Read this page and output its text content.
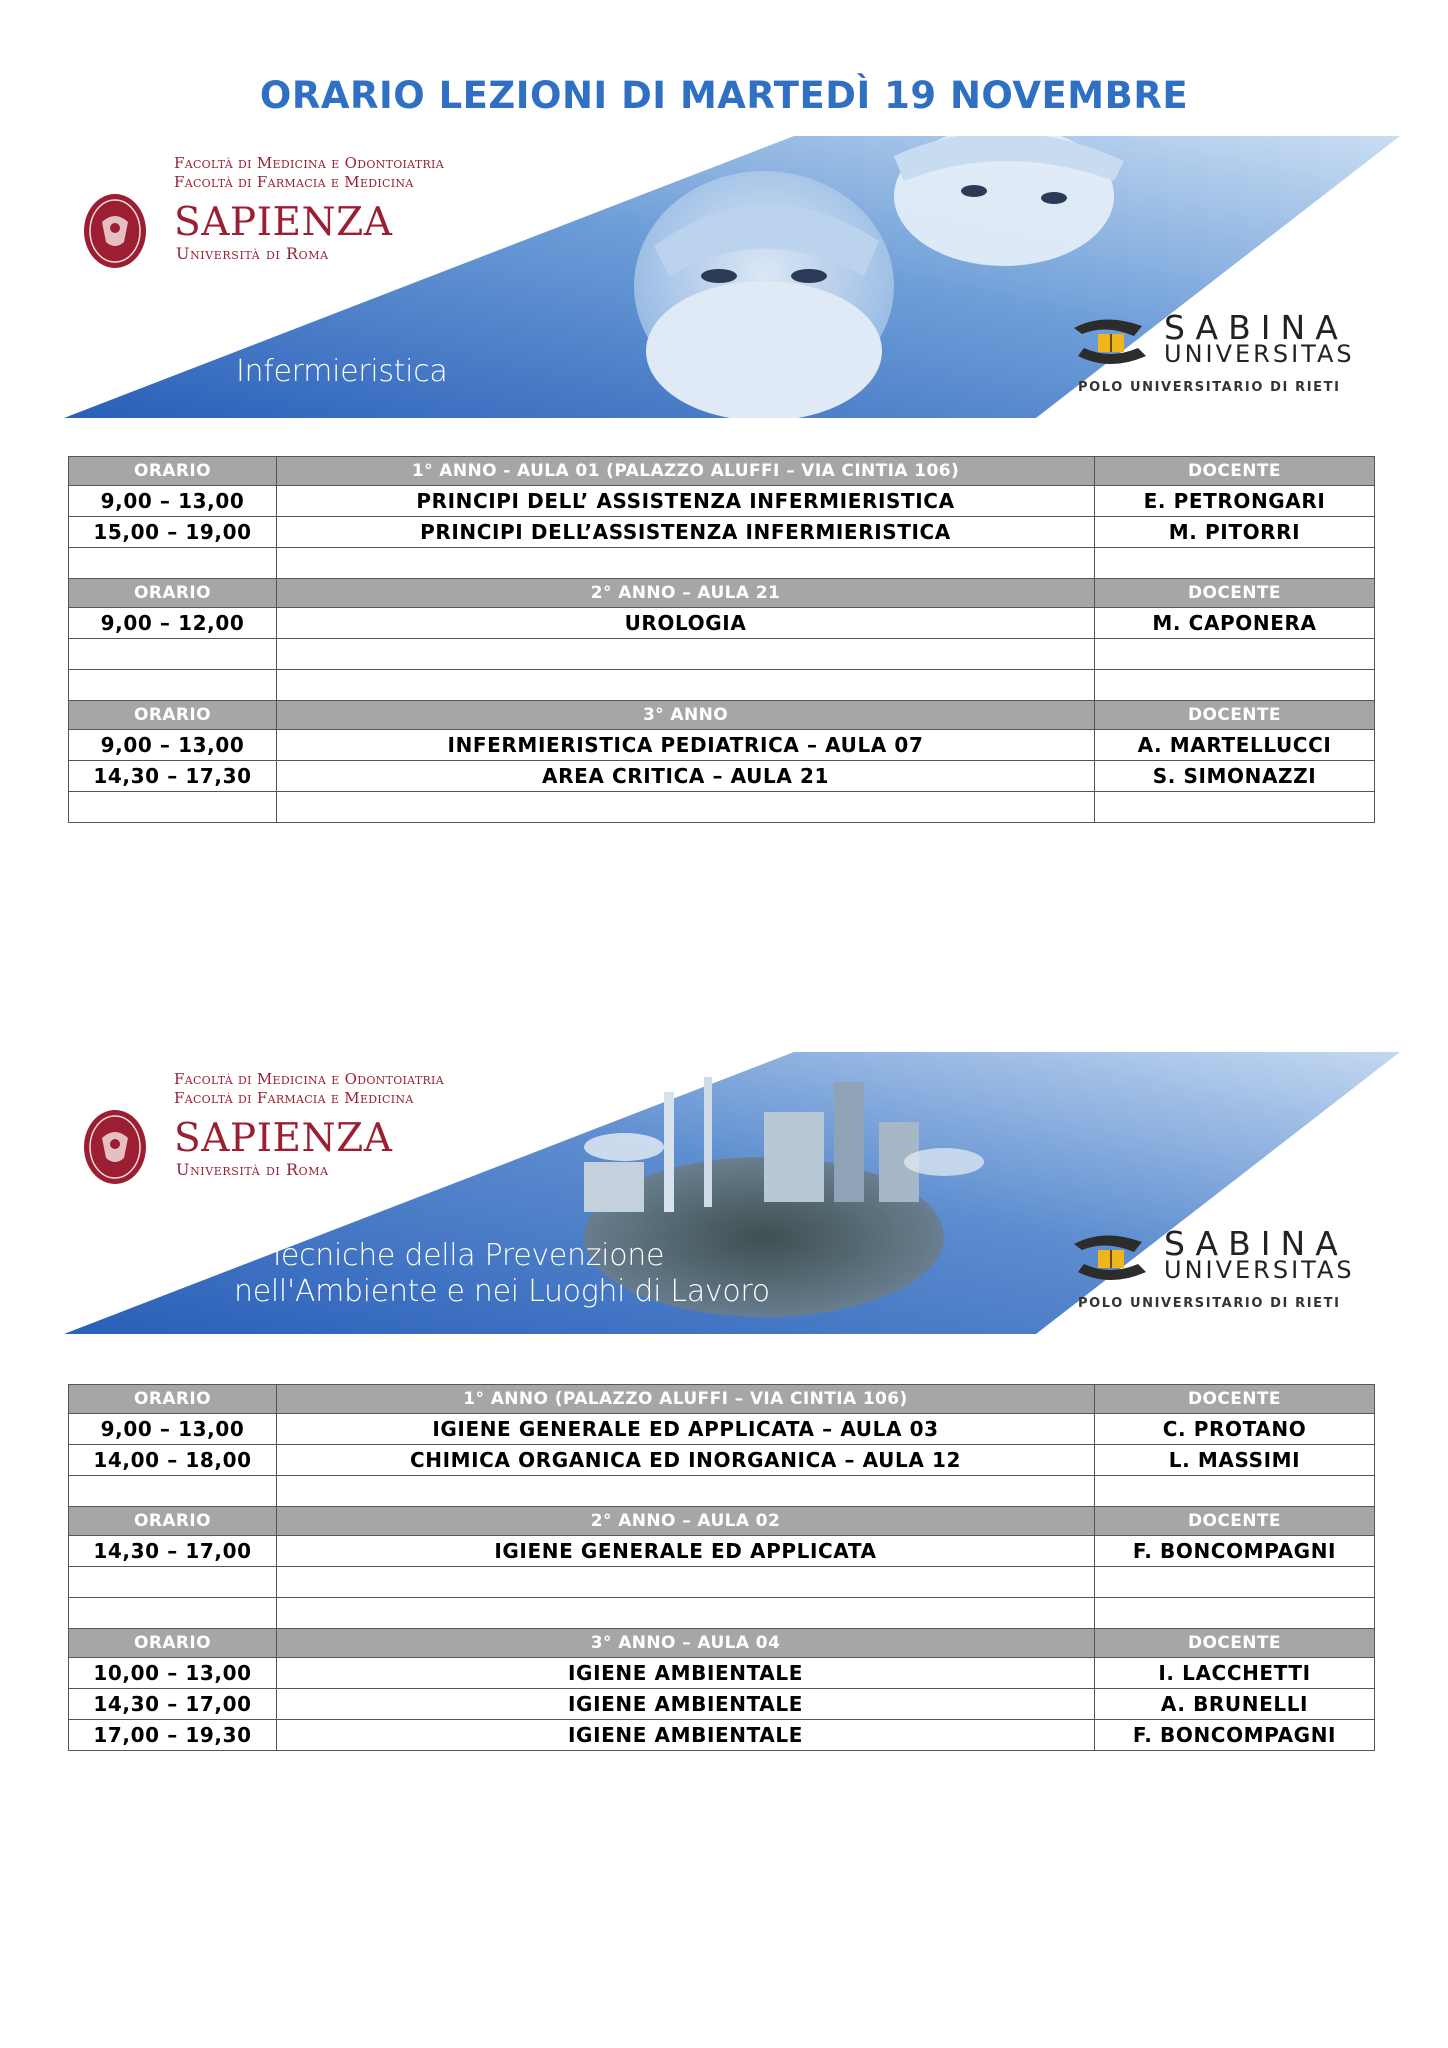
ORARIO LEZIONI DI MARTEDÌ 19 NOVEMBRE
Facoltà di Medicina e Odontoiatria
Facoltà di Farmacia e Medicina
SAPIENZA
Università di Roma
Infermieristica
SABINA
UNIVERSITAS
POLO UNIVERSITARIO DI RIETI
ORARIO	1° ANNO - AULA 01 (PALAZZO ALUFFI – VIA CINTIA 106)	DOCENTE
9,00 – 13,00	PRINCIPI DELL’ ASSISTENZA INFERMIERISTICA	E. PETRONGARI
15,00 – 19,00	PRINCIPI DELL’ASSISTENZA INFERMIERISTICA	M. PITORRI

ORARIO	2° ANNO – AULA 21	DOCENTE
9,00 – 12,00	UROLOGIA	M. CAPONERA

ORARIO	3° ANNO	DOCENTE
9,00 – 13,00	INFERMIERISTICA PEDIATRICA – AULA 07	A. MARTELLUCCI
14,30 – 17,30	AREA CRITICA – AULA 21	S. SIMONAZZI

Facoltà di Medicina e Odontoiatria
Facoltà di Farmacia e Medicina
SAPIENZA
Università di Roma
Tecniche della Prevenzione
nell'Ambiente e nei Luoghi di Lavoro
SABINA
UNIVERSITAS
POLO UNIVERSITARIO DI RIETI
ORARIO	1° ANNO (PALAZZO ALUFFI – VIA CINTIA 106)	DOCENTE
9,00 – 13,00	IGIENE GENERALE ED APPLICATA – AULA 03	C. PROTANO
14,00 – 18,00	CHIMICA ORGANICA ED INORGANICA – AULA 12	L. MASSIMI

ORARIO	2° ANNO – AULA 02	DOCENTE
14,30 – 17,00	IGIENE GENERALE ED APPLICATA	F. BONCOMPAGNI

ORARIO	3° ANNO – AULA 04	DOCENTE
10,00 – 13,00	IGIENE AMBIENTALE	I. LACCHETTI
14,30 – 17,00	IGIENE AMBIENTALE	A. BRUNELLI
17,00 – 19,30	IGIENE AMBIENTALE	F. BONCOMPAGNI
